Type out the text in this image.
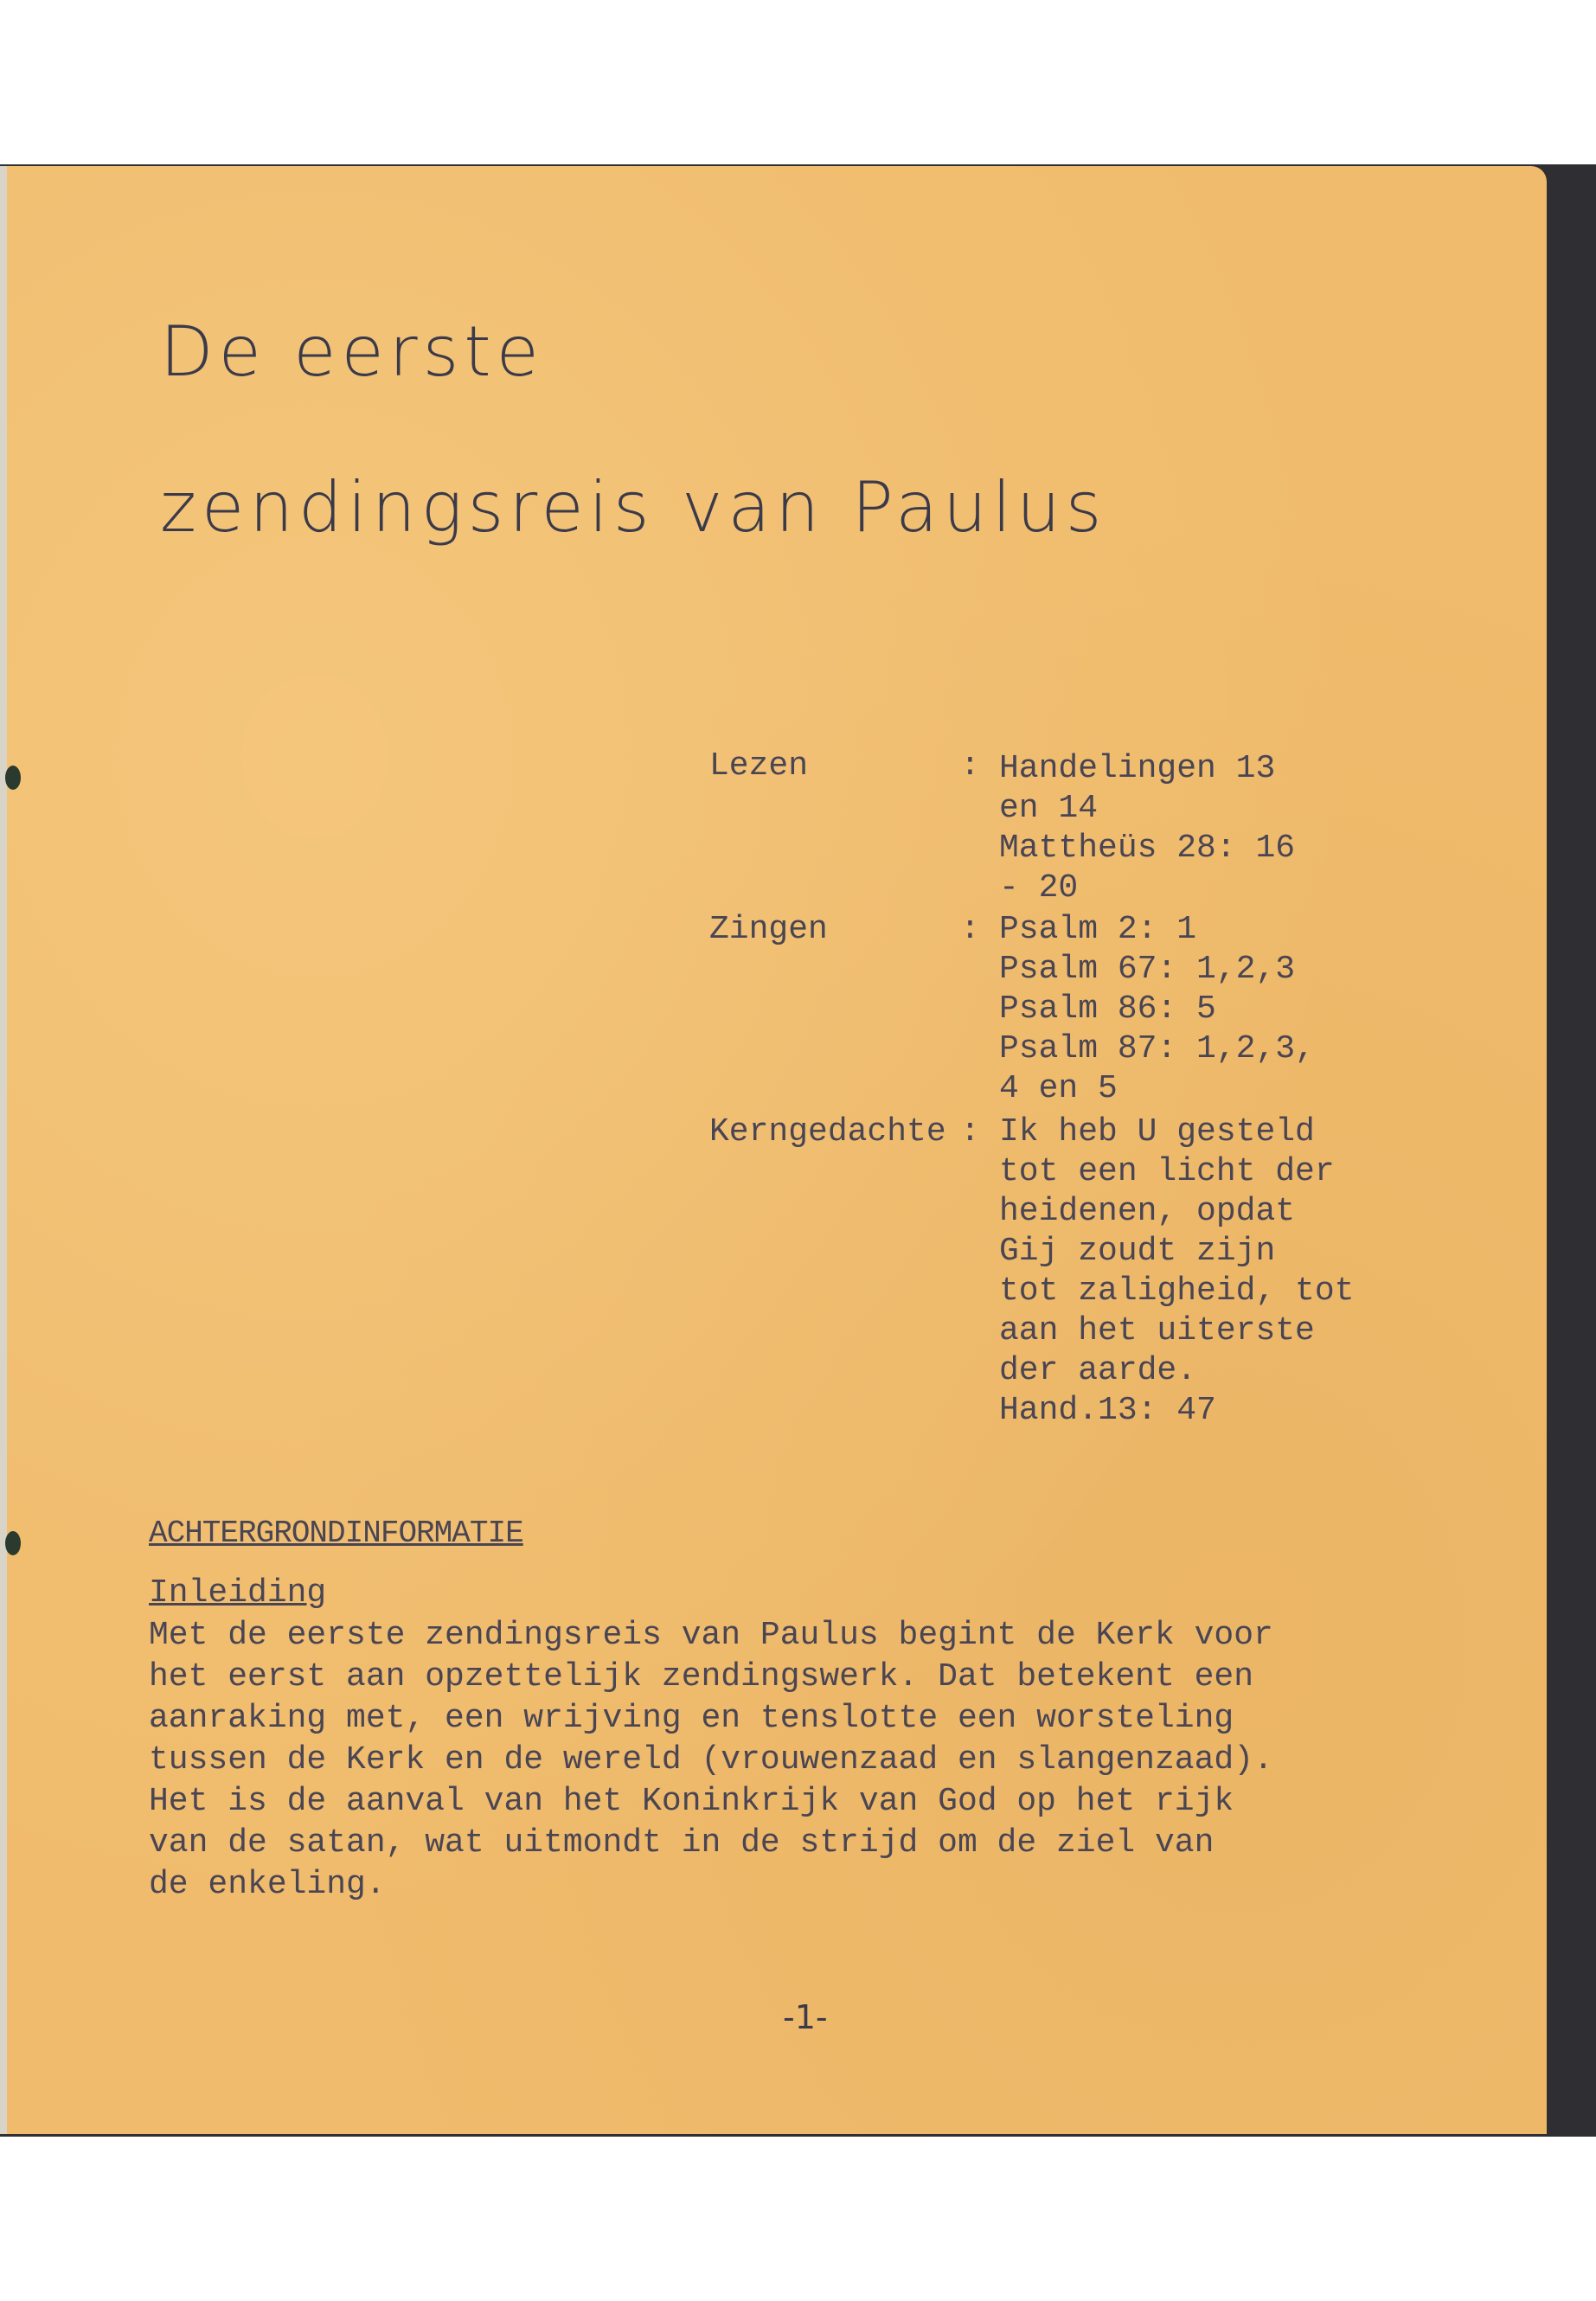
De eerste
zendingsreis van Paulus
Lezen	: Handelingen 13
en 14
Mattheüs 28: 16
- 20
Zingen	: Psalm 2: 1
Psalm 67: 1,2,3
Psalm 86: 5
Psalm 87: 1,2,3,
4 en 5
Kerngedachte : Ik heb U gesteld
tot een licht der
heidenen, opdat
Gij zoudt zijn
tot zaligheid, tot
aan het uiterste
der aarde.
Hand.13: 47
ACHTERGRONDINFORMATIE
Inleiding
Met de eerste zendingsreis van Paulus begint de Kerk voor
het eerst aan opzettelijk zendingswerk. Dat betekent een
aanraking met, een wrijving en tenslotte een worsteling
tussen de Kerk en de wereld (vrouwenzaad en slangenzaad).
Het is de aanval van het Koninkrijk van God op het rijk
van de satan, wat uitmondt in de strijd om de ziel van
de enkeling.
-1-
